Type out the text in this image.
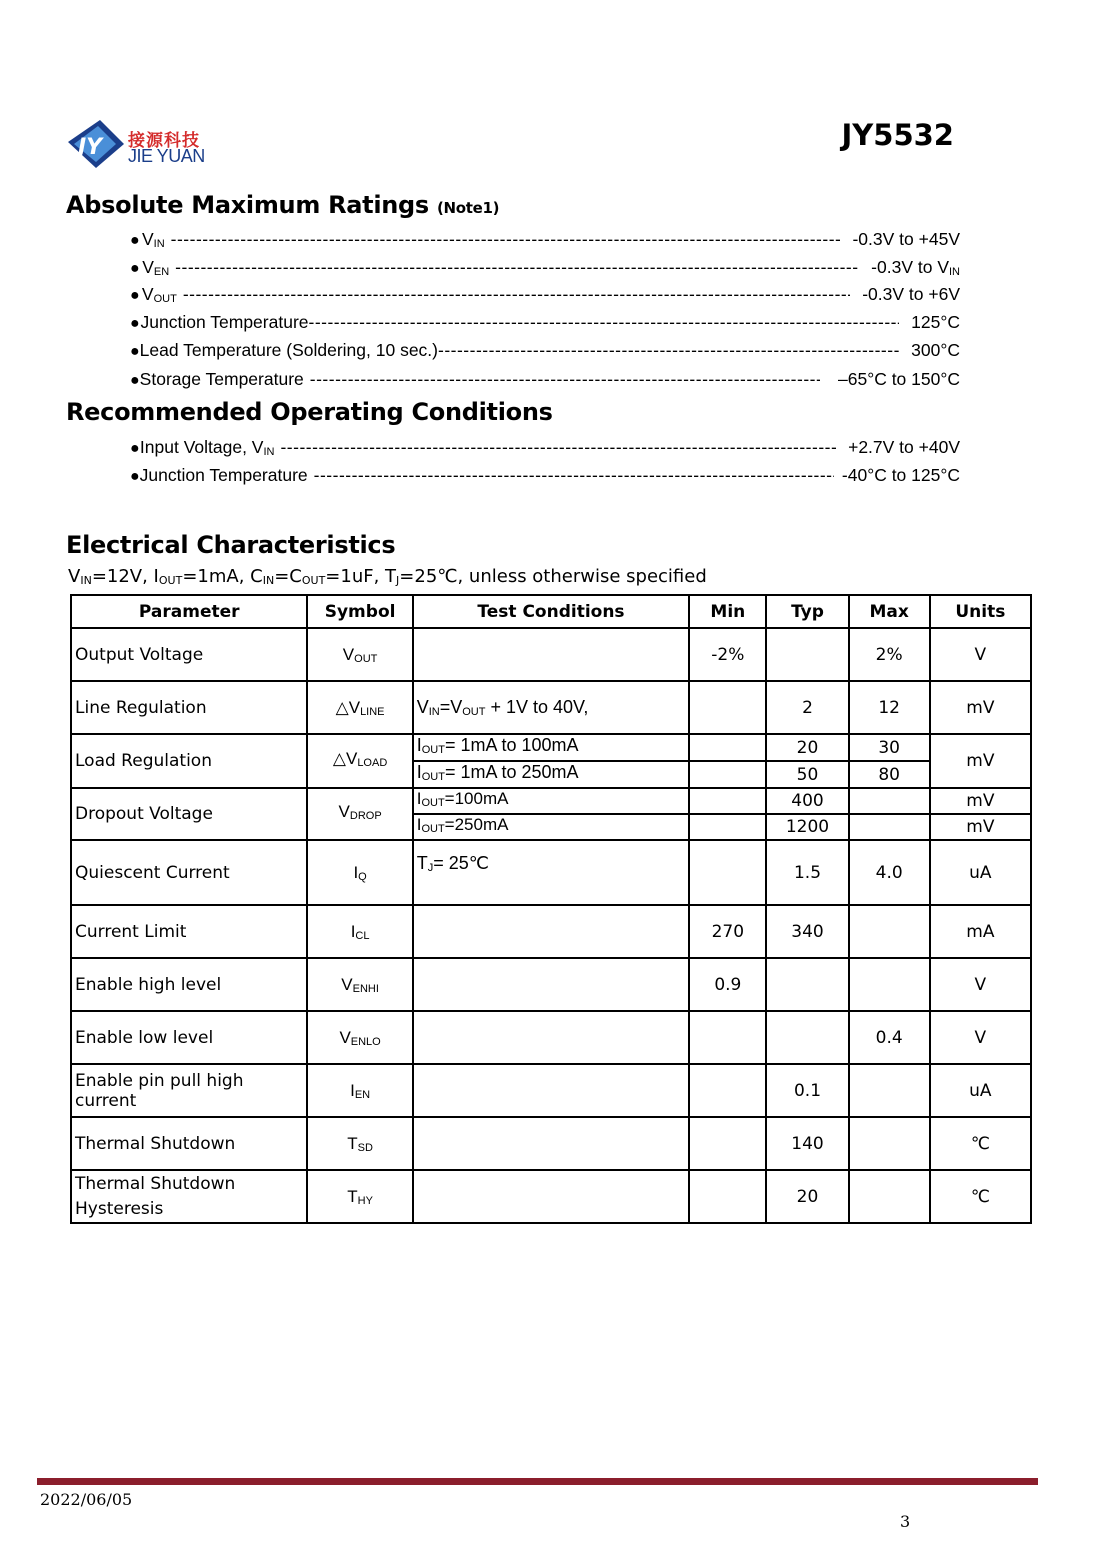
JY 接源科技
JIE YUAN
JY5532
Absolute Maximum Ratings (Note1)
● $V_{IN}$ -----	-0.3V to +45V
● $V_{EN}$ -----	-0.3V to $V_{IN}$
● $V_{OUT}$ -----	-0.3V to +6V
● Junction Temperature -----	125°C
● Lead Temperature (Soldering, 10 sec.) -----	300°C
● Storage Temperature -----	–65°C to 150°C
Recommended Operating Conditions
● Input Voltage, $V_{IN}$ -----	+2.7V to +40V
● Junction Temperature -----	-40°C to 125°C
Electrical Characteristics
$V_{IN}=12V$, $I_{OUT}=1mA$, $C_{IN}=C_{OUT}=1uF$, $T_J=25℃$, unless otherwise specified
Parameter	Symbol	Test Conditions	Min	Typ	Max	Units
Output Voltage	$V_{OUT}$		-2%		2%	V
Line Regulation	$\triangle V_{LINE}$	$V_{IN}=V_{OUT} + 1V$ to 40V,		2	12	mV
Load Regulation	$\triangle V_{LOAD}$	$I_{OUT}= 1mA$ to 100mA		20	30	mV
		$I_{OUT}= 1mA$ to 250mA		50	80	
Dropout Voltage	$V_{DROP}$	$I_{OUT}=100mA$		400		mV
		$I_{OUT}=250mA$		1200		mV
Quiescent Current	$I_Q$	$T_J=$ 25℃		1.5	4.0	uA
Current Limit	$I_{CL}$		270	340		mA
Enable high level	$V_{ENHI}$		0.9			V
Enable low level	$V_{ENLO}$				0.4	V
Enable pin pull high current	$I_{EN}$			0.1		uA
Thermal Shutdown	$T_{SD}$			140		℃
Thermal Shutdown
Hysteresis	$T_{HY}$			20		℃
2022/06/05
3
